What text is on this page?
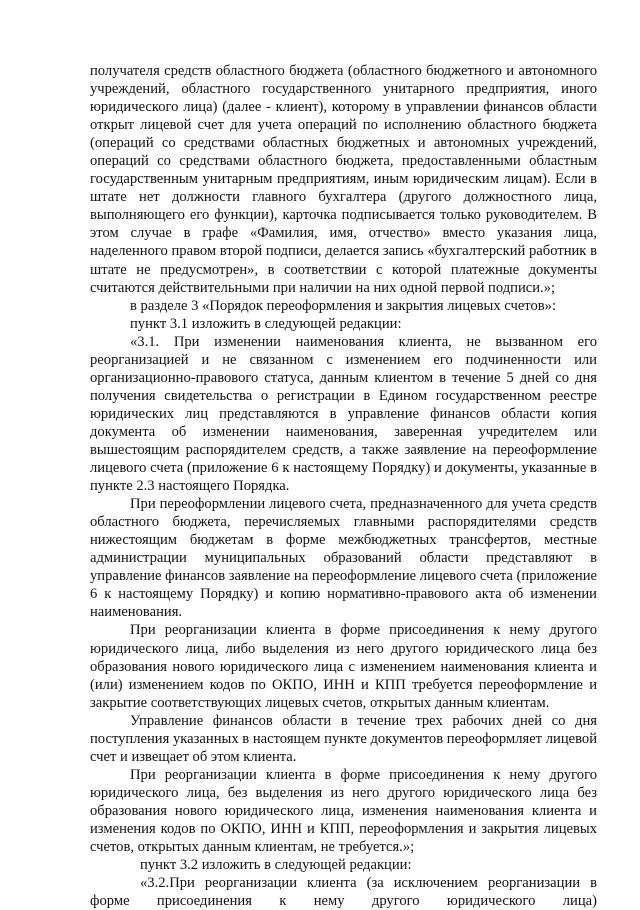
получателя средств областного бюджета (областного бюджетного и автономного учреждений, областного государственного унитарного предприятия, иного юридического лица) (далее - клиент), которому в управлении финансов области открыт лицевой счет для учета операций по исполнению областного бюджета (операций со средствами областных бюджетных и автономных учреждений, операций со средствами областного бюджета, предоставленными областным государственным унитарным предприятиям, иным юридическим лицам). Если в штате нет должности главного бухгалтера (другого должностного лица, выполняющего его функции), карточка подписывается только руководителем. В этом случае в графе «Фамилия, имя, отчество» вместо указания лица, наделенного правом второй подписи, делается запись «бухгалтерский работник в штате не предусмотрен», в соответствии с которой платежные документы считаются действительными при наличии на них одной первой подписи.»;

в разделе 3 «Порядок переоформления и закрытия лицевых счетов»:

пункт 3.1 изложить в следующей редакции:

«3.1. При изменении наименования клиента, не вызванном его реорганизацией и не связанном с изменением его подчиненности или организационно-правового статуса, данным клиентом в течение 5 дней со дня получения свидетельства о регистрации в Едином государственном реестре юридических лиц представляются в управление финансов области копия документа об изменении наименования, заверенная учредителем или вышестоящим распорядителем средств, а также заявление на переоформление лицевого счета (приложение 6 к настоящему Порядку) и документы, указанные в пункте 2.3 настоящего Порядка.

При переоформлении лицевого счета, предназначенного для учета средств областного бюджета, перечисляемых главными распорядителями средств нижестоящим бюджетам в форме межбюджетных трансфертов, местные администрации муниципальных образований области представляют в управление финансов заявление на переоформление лицевого счета (приложение 6 к настоящему Порядку) и копию нормативно-правового акта об изменении наименования.

При реорганизации клиента в форме присоединения к нему другого юридического лица, либо выделения из него другого юридического лица без образования нового юридического лица с изменением наименования клиента и (или) изменением кодов по ОКПО, ИНН и КПП требуется переоформление и закрытие соответствующих лицевых счетов, открытых данным клиентам.

Управление финансов области в течение трех рабочих дней со дня поступления указанных в настоящем пункте документов переоформляет лицевой счет и извещает об этом клиента.

При реорганизации клиента в форме присоединения к нему другого юридического лица, без выделения из него другого юридического лица без образования нового юридического лица, изменения наименования клиента и изменения кодов по ОКПО, ИНН и КПП, переоформления и закрытия лицевых счетов, открытых данным клиентам, не требуется.»;

пункт 3.2 изложить в следующей редакции:

«3.2.При реорганизации клиента (за исключением реорганизации в форме присоединения к нему другого юридического лица)
